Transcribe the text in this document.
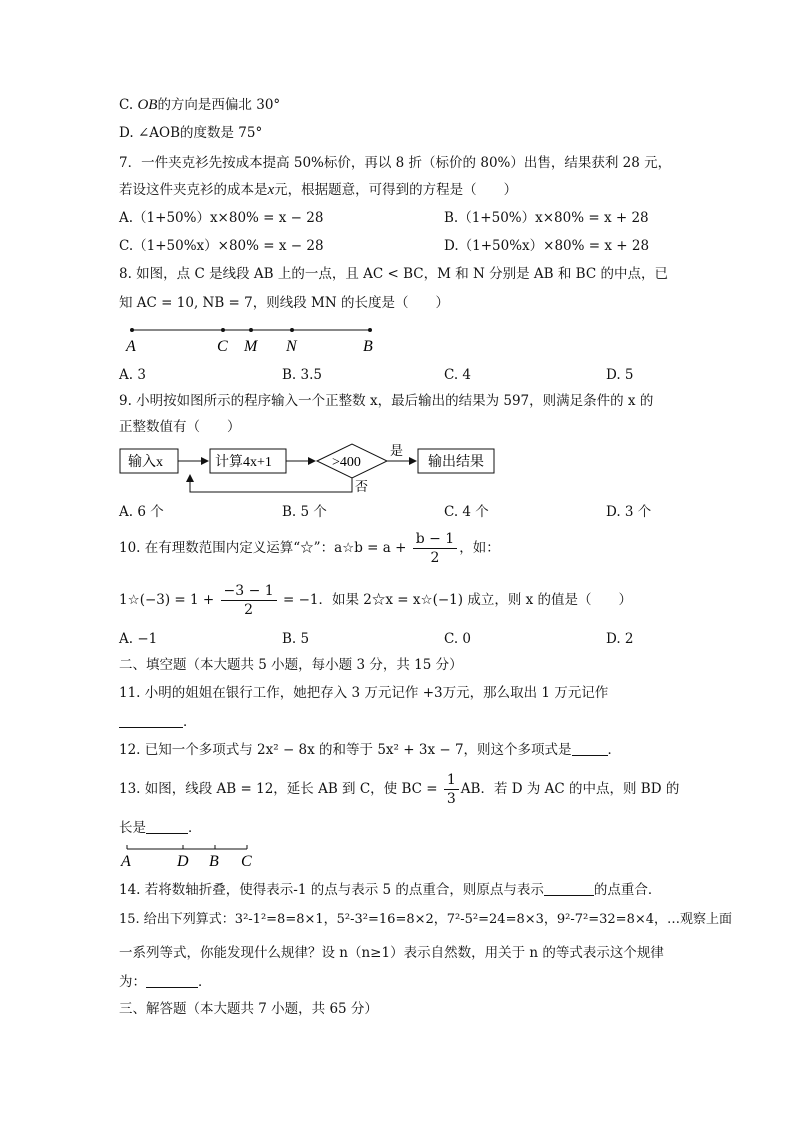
C. OB的方向是西偏北 30°
D. ∠AOB的度数是 75°
7．一件夹克衫先按成本提高 50%标价，再以 8 折（标价的 80%）出售，结果获利 28 元，
若设这件夹克衫的成本是x元，根据题意，可得到的方程是（　　）
A.（1+50%）x×80% = x − 28	B.（1+50%）x×80% = x + 28
C.（1+50%x）×80% = x − 28	D.（1+50%x）×80% = x + 28
8. 如图，点 C 是线段 AB 上的一点，且 AC < BC，M 和 N 分别是 AB 和 BC 的中点，已
知 AC = 10, NB = 7，则线段 MN 的长度是（　　）
A	C M N	B
A. 3	B. 3.5	C. 4	D. 5
9. 小明按如图所示的程序输入一个正整数 x，最后输出的结果为 597，则满足条件的 x 的
正整数值有（　　）
输入x	计算4x+1	>400
是
输出结果
否
A. 6 个	B. 5 个	C. 4 个	D. 3 个
10. 在有理数范围内定义运算“☆”：a☆b = $a + \frac{b - 1}{2}$ ，如：
1☆(−3) = $1 + \frac{-3 - 1}{2} = -1$．如果 2☆x = x☆(−1) 成立，则 x 的值是（　　）
A. −1	B. 5	C. 0	D. 2
二、填空题（本大题共 5 小题，每小题 3 分，共 15 分）
11. 小明的姐姐在银行工作，她把存入 3 万元记作 +3万元，那么取出 1 万元记作
．
12. 已知一个多项式与 2x² − 8x 的和等于 5x² + 3x − 7，则这个多项式是	．
13. 如图，线段 AB = 12，延长 AB 到 C，使 BC = $\frac{1}{3}$ AB．若 D 为 AC 的中点，则 BD 的
长是	．
A	D B C
14. 若将数轴折叠，使得表示-1 的点与表示 5 的点重合，则原点与表示	的点重合．
15. 给出下列算式：3²-1²=8=8×1，5²-3²=16=8×2，7²-5²=24=8×3，9²-7²=32=8×4，…观察上面
一系列等式，你能发现什么规律？设 n（n≥1）表示自然数，用关于 n 的等式表示这个规律
为：	．
三、解答题（本大题共 7 小题，共 65 分）
